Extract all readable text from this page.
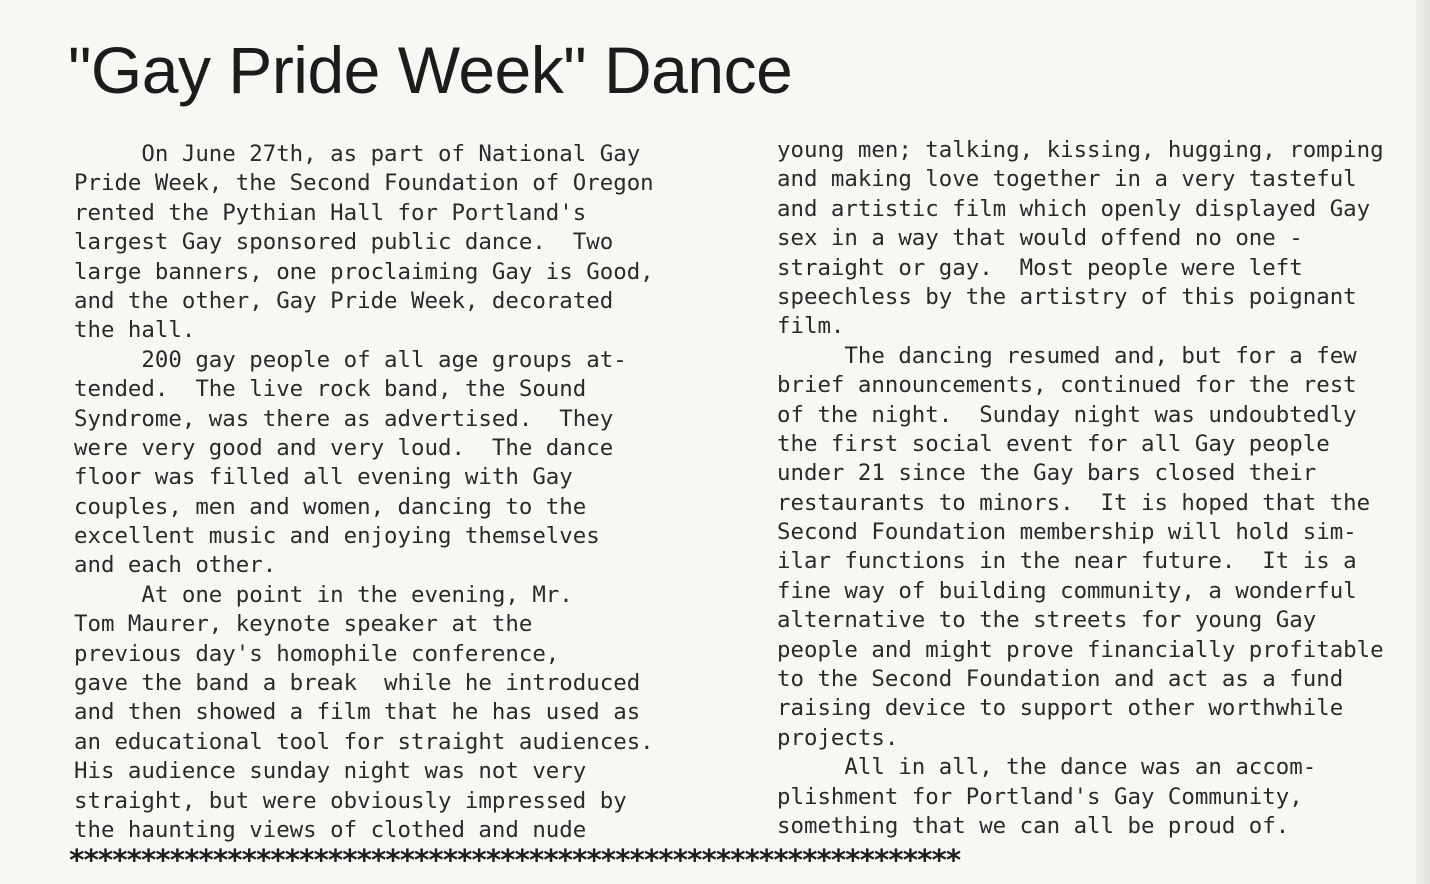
"Gay Pride Week" Dance
On June 27th, as part of National Gay
Pride Week, the Second Foundation of Oregon
rented the Pythian Hall for Portland's
largest Gay sponsored public dance.  Two
large banners, one proclaiming Gay is Good,
and the other, Gay Pride Week, decorated
the hall.
200 gay people of all age groups at-
tended.  The live rock band, the Sound
Syndrome, was there as advertised.  They
were very good and very loud.  The dance
floor was filled all evening with Gay
couples, men and women, dancing to the
excellent music and enjoying themselves
and each other.
At one point in the evening, Mr.
Tom Maurer, keynote speaker at the
previous day's homophile conference,
gave the band a break  while he introduced
and then showed a film that he has used as
an educational tool for straight audiences.
His audience sunday night was not very
straight, but were obviously impressed by
the haunting views of clothed and nude
young men; talking, kissing, hugging, romping
and making love together in a very tasteful
and artistic film which openly displayed Gay
sex in a way that would offend no one -
straight or gay.  Most people were left
speechless by the artistry of this poignant
film.
The dancing resumed and, but for a few
brief announcements, continued for the rest
of the night.  Sunday night was undoubtedly
the first social event for all Gay people
under 21 since the Gay bars closed their
restaurants to minors.  It is hoped that the
Second Foundation membership will hold sim-
ilar functions in the near future.  It is a
fine way of building community, a wonderful
alternative to the streets for young Gay
people and might prove financially profitable
to the Second Foundation and act as a fund
raising device to support other worthwhile
projects.
All in all, the dance was an accom-
plishment for Portland's Gay Community,
something that we can all be proud of.
**************************************************************
